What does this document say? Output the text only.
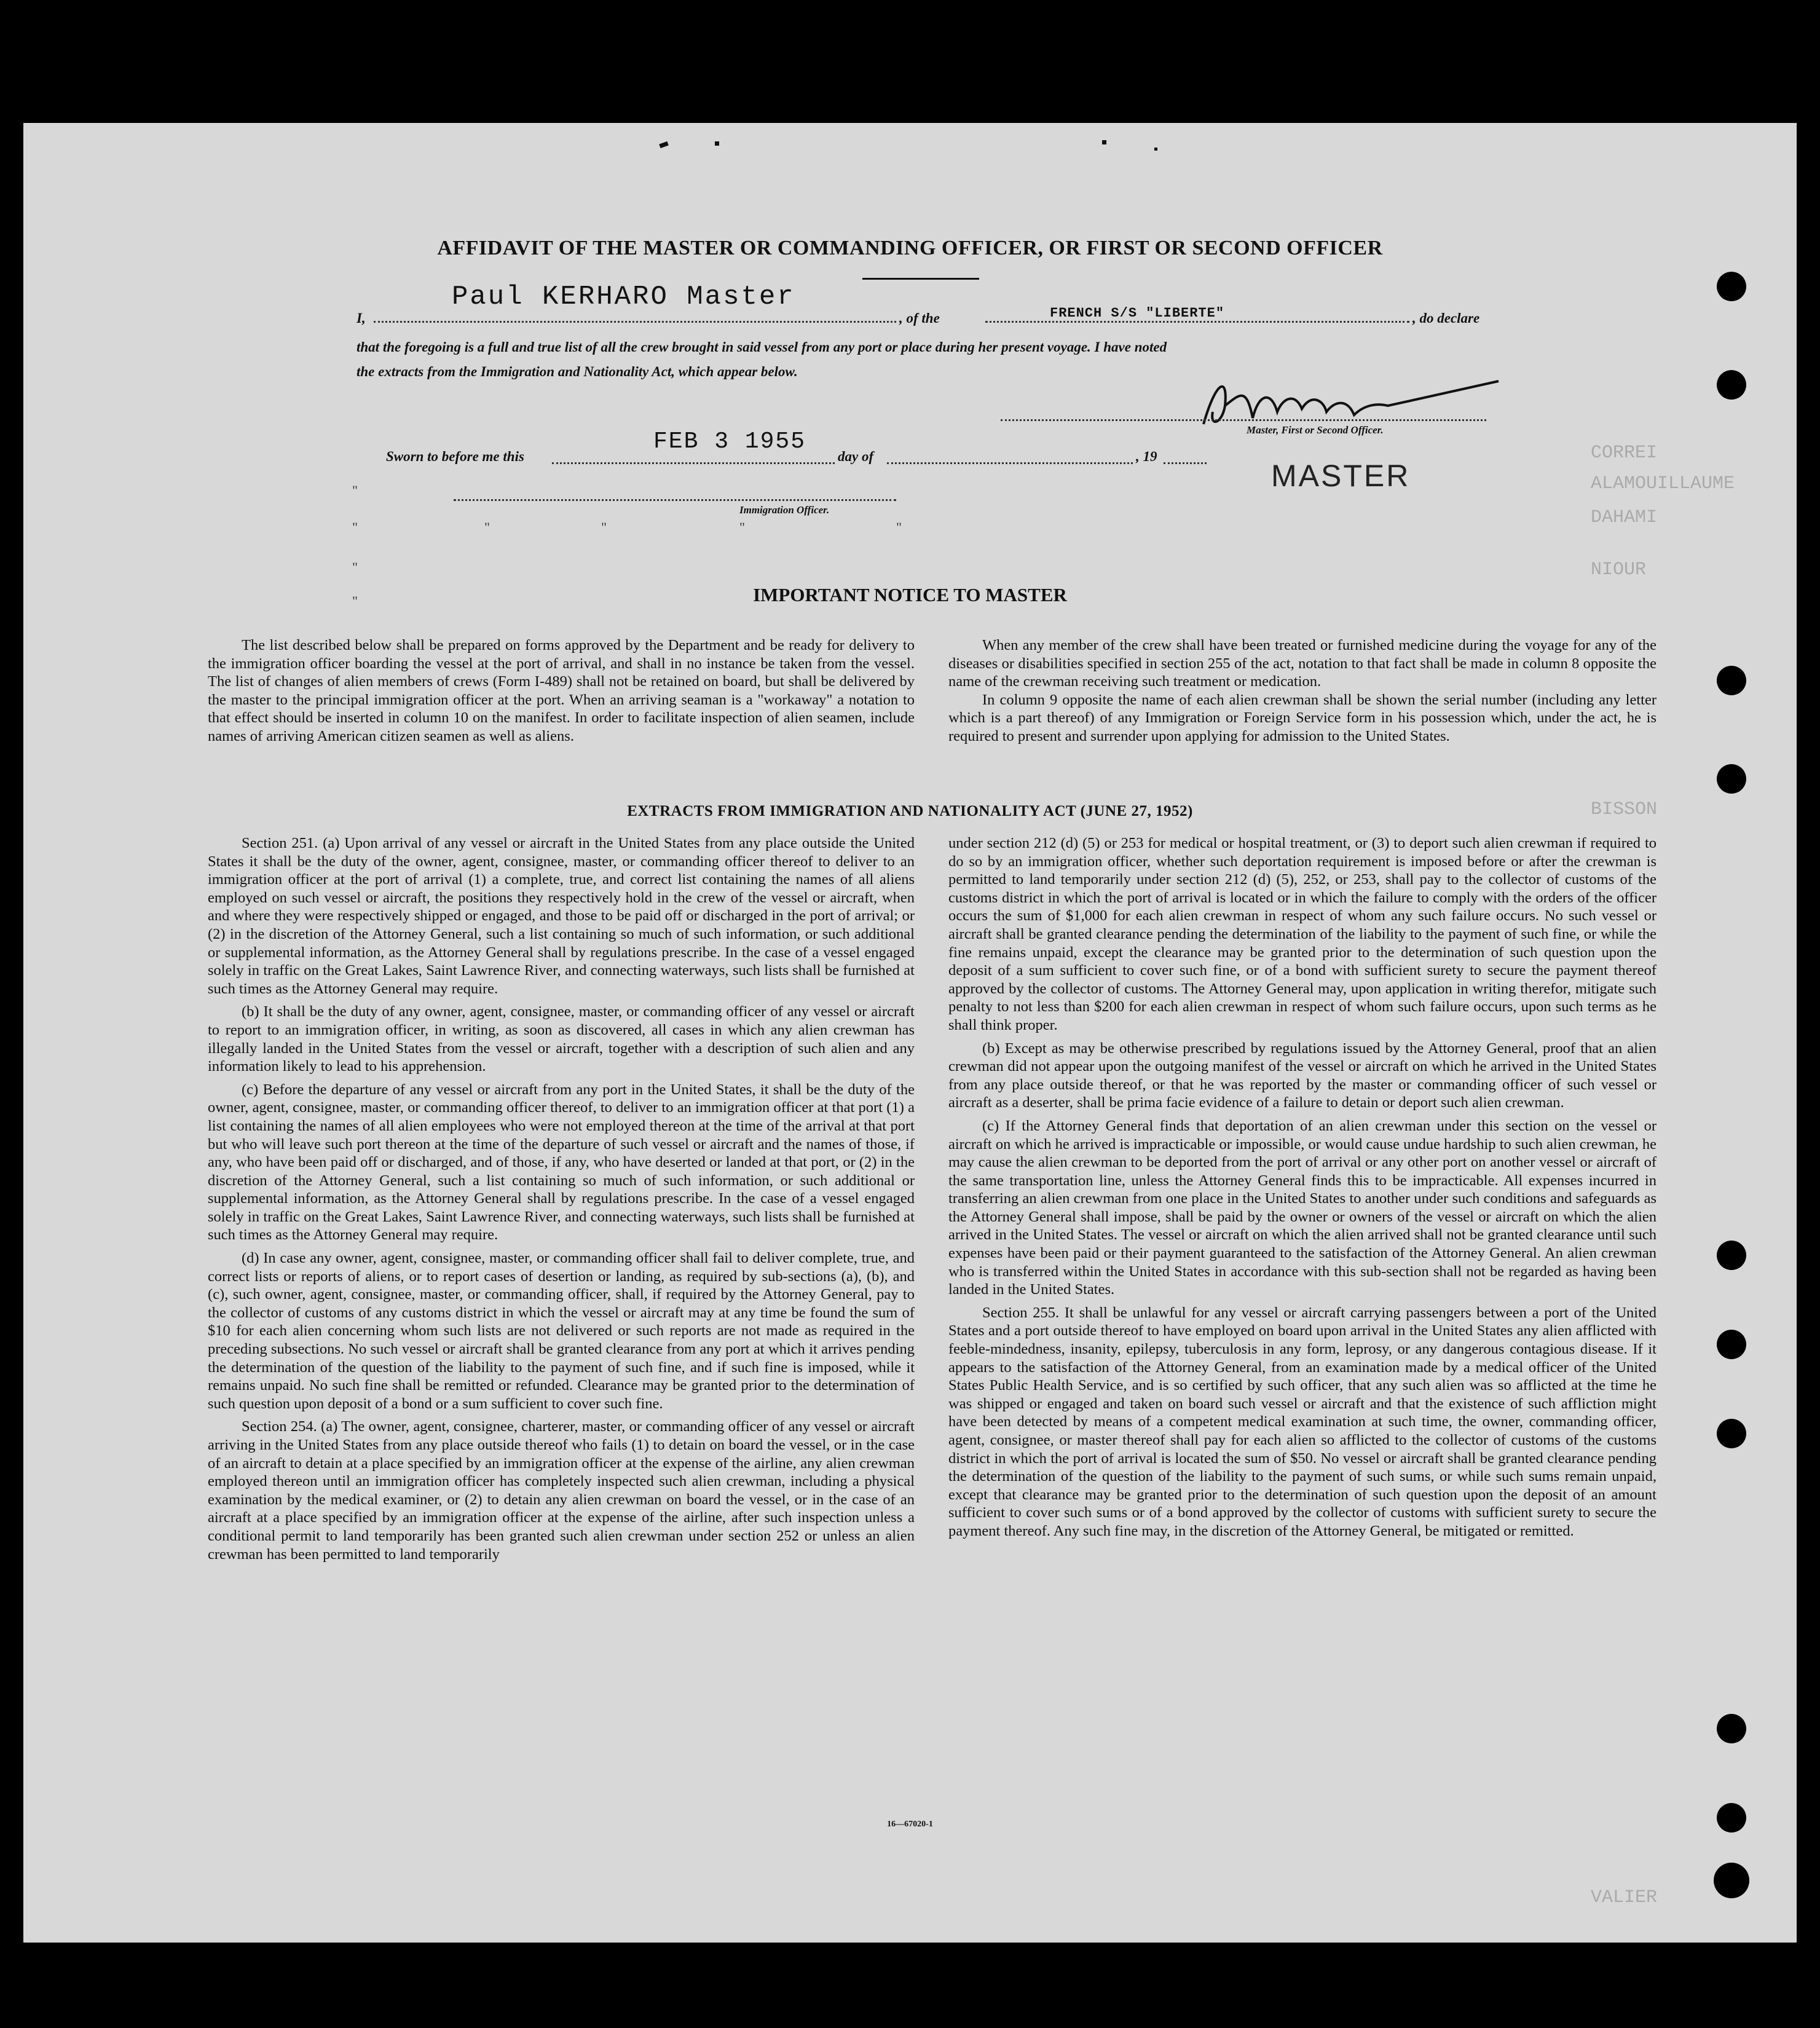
CORREI
ALAMOUILLAUME
DAHAMI
NIOUR
BISSON
VALIER
AFFIDAVIT OF THE MASTER OR COMMANDING OFFICER, OR FIRST OR SECOND OFFICER
Paul KERHARO Master
I,	, of the	FRENCH S/S "LIBERTE"	, do declare
that the foregoing is a full and true list of all the crew brought in said vessel from any port or place during her present voyage. I have noted
the extracts from the Immigration and Nationality Act, which appear below.
Master, First or Second Officer.
Sworn to before me this
FEB 3 1955
day of	, 19
MASTER
Immigration Officer.
"
"
"
"
"	"	"	"
IMPORTANT NOTICE TO MASTER

The list described below shall be prepared on forms approved by the Department and be ready for delivery to the immigration officer boarding the vessel at the port of arrival, and shall in no instance be taken from the vessel. The list of changes of alien members of crews (Form I-489) shall not be retained on board, but shall be delivered by the master to the principal immigration officer at the port. When an arriving seaman is a "workaway" a notation to that effect should be inserted in column 10 on the manifest. In order to facilitate inspection of alien seamen, include names of arriving American citizen seamen as well as aliens.

When any member of the crew shall have been treated or furnished medicine during the voyage for any of the diseases or disabilities specified in section 255 of the act, notation to that fact shall be made in column 8 opposite the name of the crewman receiving such treatment or medication.

In column 9 opposite the name of each alien crewman shall be shown the serial number (including any letter which is a part thereof) of any Immigration or Foreign Service form in his possession which, under the act, he is required to present and surrender upon applying for admission to the United States.

EXTRACTS FROM IMMIGRATION AND NATIONALITY ACT (JUNE 27, 1952)

Section 251. (a) Upon arrival of any vessel or aircraft in the United States from any place outside the United States it shall be the duty of the owner, agent, consignee, master, or commanding officer thereof to deliver to an immigration officer at the port of arrival (1) a complete, true, and correct list containing the names of all aliens employed on such vessel or aircraft, the positions they respectively hold in the crew of the vessel or aircraft, when and where they were respectively shipped or engaged, and those to be paid off or discharged in the port of arrival; or (2) in the discretion of the Attorney General, such a list containing so much of such information, or such additional or supplemental information, as the Attorney General shall by regulations prescribe. In the case of a vessel engaged solely in traffic on the Great Lakes, Saint Lawrence River, and connecting waterways, such lists shall be furnished at such times as the Attorney General may require.

(b) It shall be the duty of any owner, agent, consignee, master, or commanding officer of any vessel or aircraft to report to an immigration officer, in writing, as soon as discovered, all cases in which any alien crewman has illegally landed in the United States from the vessel or aircraft, together with a description of such alien and any information likely to lead to his apprehension.

(c) Before the departure of any vessel or aircraft from any port in the United States, it shall be the duty of the owner, agent, consignee, master, or commanding officer thereof, to deliver to an immigration officer at that port (1) a list containing the names of all alien employees who were not employed thereon at the time of the arrival at that port but who will leave such port thereon at the time of the departure of such vessel or aircraft and the names of those, if any, who have been paid off or discharged, and of those, if any, who have deserted or landed at that port, or (2) in the discretion of the Attorney General, such a list containing so much of such information, or such additional or supplemental information, as the Attorney General shall by regulations prescribe. In the case of a vessel engaged solely in traffic on the Great Lakes, Saint Lawrence River, and connecting waterways, such lists shall be furnished at such times as the Attorney General may require.

(d) In case any owner, agent, consignee, master, or commanding officer shall fail to deliver complete, true, and correct lists or reports of aliens, or to report cases of desertion or landing, as required by sub-sections (a), (b), and (c), such owner, agent, consignee, master, or commanding officer, shall, if required by the Attorney General, pay to the collector of customs of any customs district in which the vessel or aircraft may at any time be found the sum of $10 for each alien concerning whom such lists are not delivered or such reports are not made as required in the preceding subsections. No such vessel or aircraft shall be granted clearance from any port at which it arrives pending the determination of the question of the liability to the payment of such fine, and if such fine is imposed, while it remains unpaid. No such fine shall be remitted or refunded. Clearance may be granted prior to the determination of such question upon deposit of a bond or a sum sufficient to cover such fine.

Section 254. (a) The owner, agent, consignee, charterer, master, or commanding officer of any vessel or aircraft arriving in the United States from any place outside thereof who fails (1) to detain on board the vessel, or in the case of an aircraft to detain at a place specified by an immigration officer at the expense of the airline, any alien crewman employed thereon until an immigration officer has completely inspected such alien crewman, including a physical examination by the medical examiner, or (2) to detain any alien crewman on board the vessel, or in the case of an aircraft at a place specified by an immigration officer at the expense of the airline, after such inspection unless a conditional permit to land temporarily has been granted such alien crewman under section 252 or unless an alien crewman has been permitted to land temporarily

under section 212 (d) (5) or 253 for medical or hospital treatment, or (3) to deport such alien crewman if required to do so by an immigration officer, whether such deportation requirement is imposed before or after the crewman is permitted to land temporarily under section 212 (d) (5), 252, or 253, shall pay to the collector of customs of the customs district in which the port of arrival is located or in which the failure to comply with the orders of the officer occurs the sum of $1,000 for each alien crewman in respect of whom any such failure occurs. No such vessel or aircraft shall be granted clearance pending the determination of the liability to the payment of such fine, or while the fine remains unpaid, except the clearance may be granted prior to the determination of such question upon the deposit of a sum sufficient to cover such fine, or of a bond with sufficient surety to secure the payment thereof approved by the collector of customs. The Attorney General may, upon application in writing therefor, mitigate such penalty to not less than $200 for each alien crewman in respect of whom such failure occurs, upon such terms as he shall think proper.

(b) Except as may be otherwise prescribed by regulations issued by the Attorney General, proof that an alien crewman did not appear upon the outgoing manifest of the vessel or aircraft on which he arrived in the United States from any place outside thereof, or that he was reported by the master or commanding officer of such vessel or aircraft as a deserter, shall be prima facie evidence of a failure to detain or deport such alien crewman.

(c) If the Attorney General finds that deportation of an alien crewman under this section on the vessel or aircraft on which he arrived is impracticable or impossible, or would cause undue hardship to such alien crewman, he may cause the alien crewman to be deported from the port of arrival or any other port on another vessel or aircraft of the same transportation line, unless the Attorney General finds this to be impracticable. All expenses incurred in transferring an alien crewman from one place in the United States to another under such conditions and safeguards as the Attorney General shall impose, shall be paid by the owner or owners of the vessel or aircraft on which the alien arrived in the United States. The vessel or aircraft on which the alien arrived shall not be granted clearance until such expenses have been paid or their payment guaranteed to the satisfaction of the Attorney General. An alien crewman who is transferred within the United States in accordance with this sub-section shall not be regarded as having been landed in the United States.

Section 255. It shall be unlawful for any vessel or aircraft carrying passengers between a port of the United States and a port outside thereof to have employed on board upon arrival in the United States any alien afflicted with feeble-mindedness, insanity, epilepsy, tuberculosis in any form, leprosy, or any dangerous contagious disease. If it appears to the satisfaction of the Attorney General, from an examination made by a medical officer of the United States Public Health Service, and is so certified by such officer, that any such alien was so afflicted at the time he was shipped or engaged and taken on board such vessel or aircraft and that the existence of such affliction might have been detected by means of a competent medical examination at such time, the owner, commanding officer, agent, consignee, or master thereof shall pay for each alien so afflicted to the collector of customs of the customs district in which the port of arrival is located the sum of $50. No vessel or aircraft shall be granted clearance pending the determination of the question of the liability to the payment of such sums, or while such sums remain unpaid, except that clearance may be granted prior to the determination of such question upon the deposit of an amount sufficient to cover such sums or of a bond approved by the collector of customs with sufficient surety to secure the payment thereof. Any such fine may, in the discretion of the Attorney General, be mitigated or remitted.

16—67020-1
